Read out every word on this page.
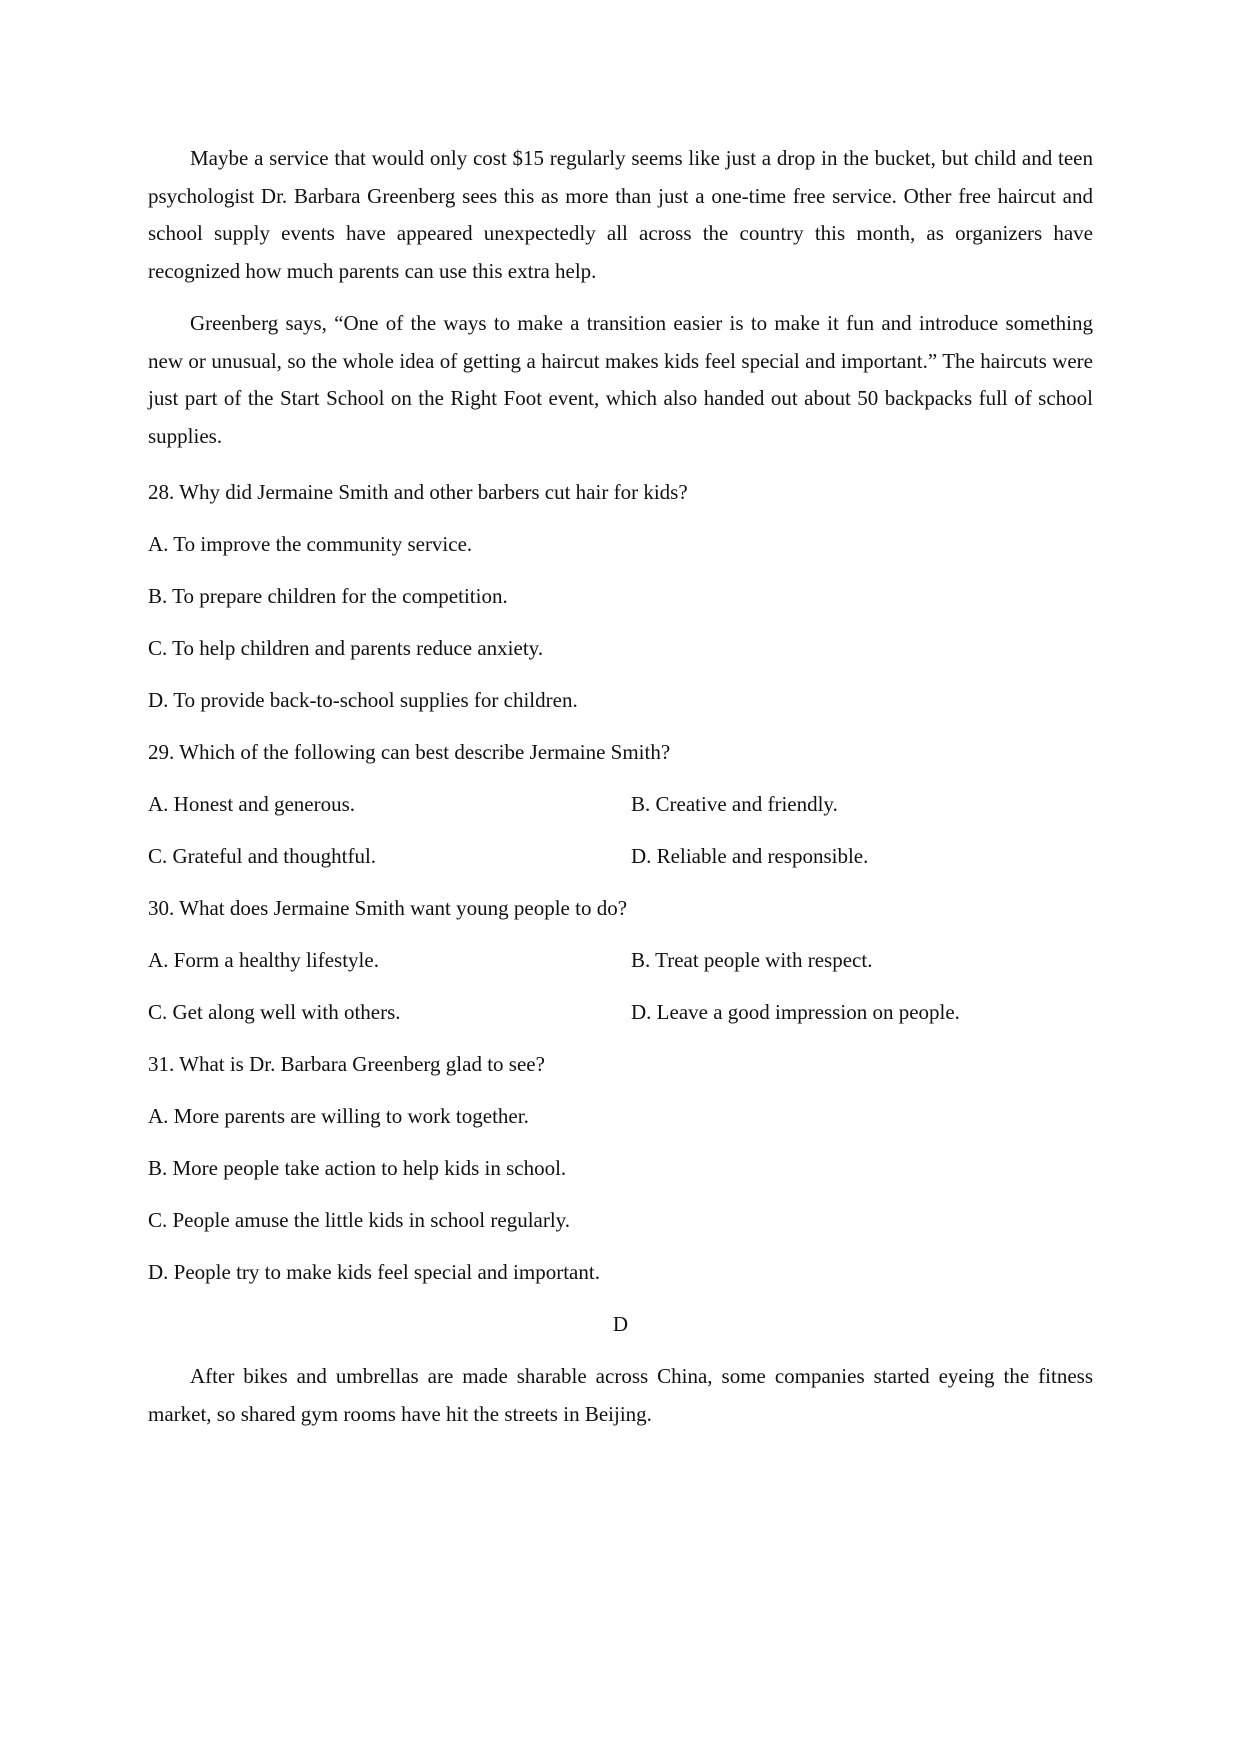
Maybe a service that would only cost $15 regularly seems like just a drop in the bucket, but child and teen psychologist Dr. Barbara Greenberg sees this as more than just a one-time free service. Other free haircut and school supply events have appeared unexpectedly all across the country this month, as organizers have recognized how much parents can use this extra help.

Greenberg says, “One of the ways to make a transition easier is to make it fun and introduce something new or unusual, so the whole idea of getting a haircut makes kids feel special and important.” The haircuts were just part of the Start School on the Right Foot event, which also handed out about 50 backpacks full of school supplies.

28. Why did Jermaine Smith and other barbers cut hair for kids?

A. To improve the community service.

B. To prepare children for the competition.

C. To help children and parents reduce anxiety.

D. To provide back-to-school supplies for children.

29. Which of the following can best describe Jermaine Smith?

A. Honest and generous.	B. Creative and friendly.
C. Grateful and thoughtful.	D. Reliable and responsible.

30. What does Jermaine Smith want young people to do?

A. Form a healthy lifestyle.	B. Treat people with respect.
C. Get along well with others.	D. Leave a good impression on people.

31. What is Dr. Barbara Greenberg glad to see?

A. More parents are willing to work together.

B. More people take action to help kids in school.

C. People amuse the little kids in school regularly.

D. People try to make kids feel special and important.

D

After bikes and umbrellas are made sharable across China, some companies started eyeing the fitness market, so shared gym rooms have hit the streets in Beijing.
